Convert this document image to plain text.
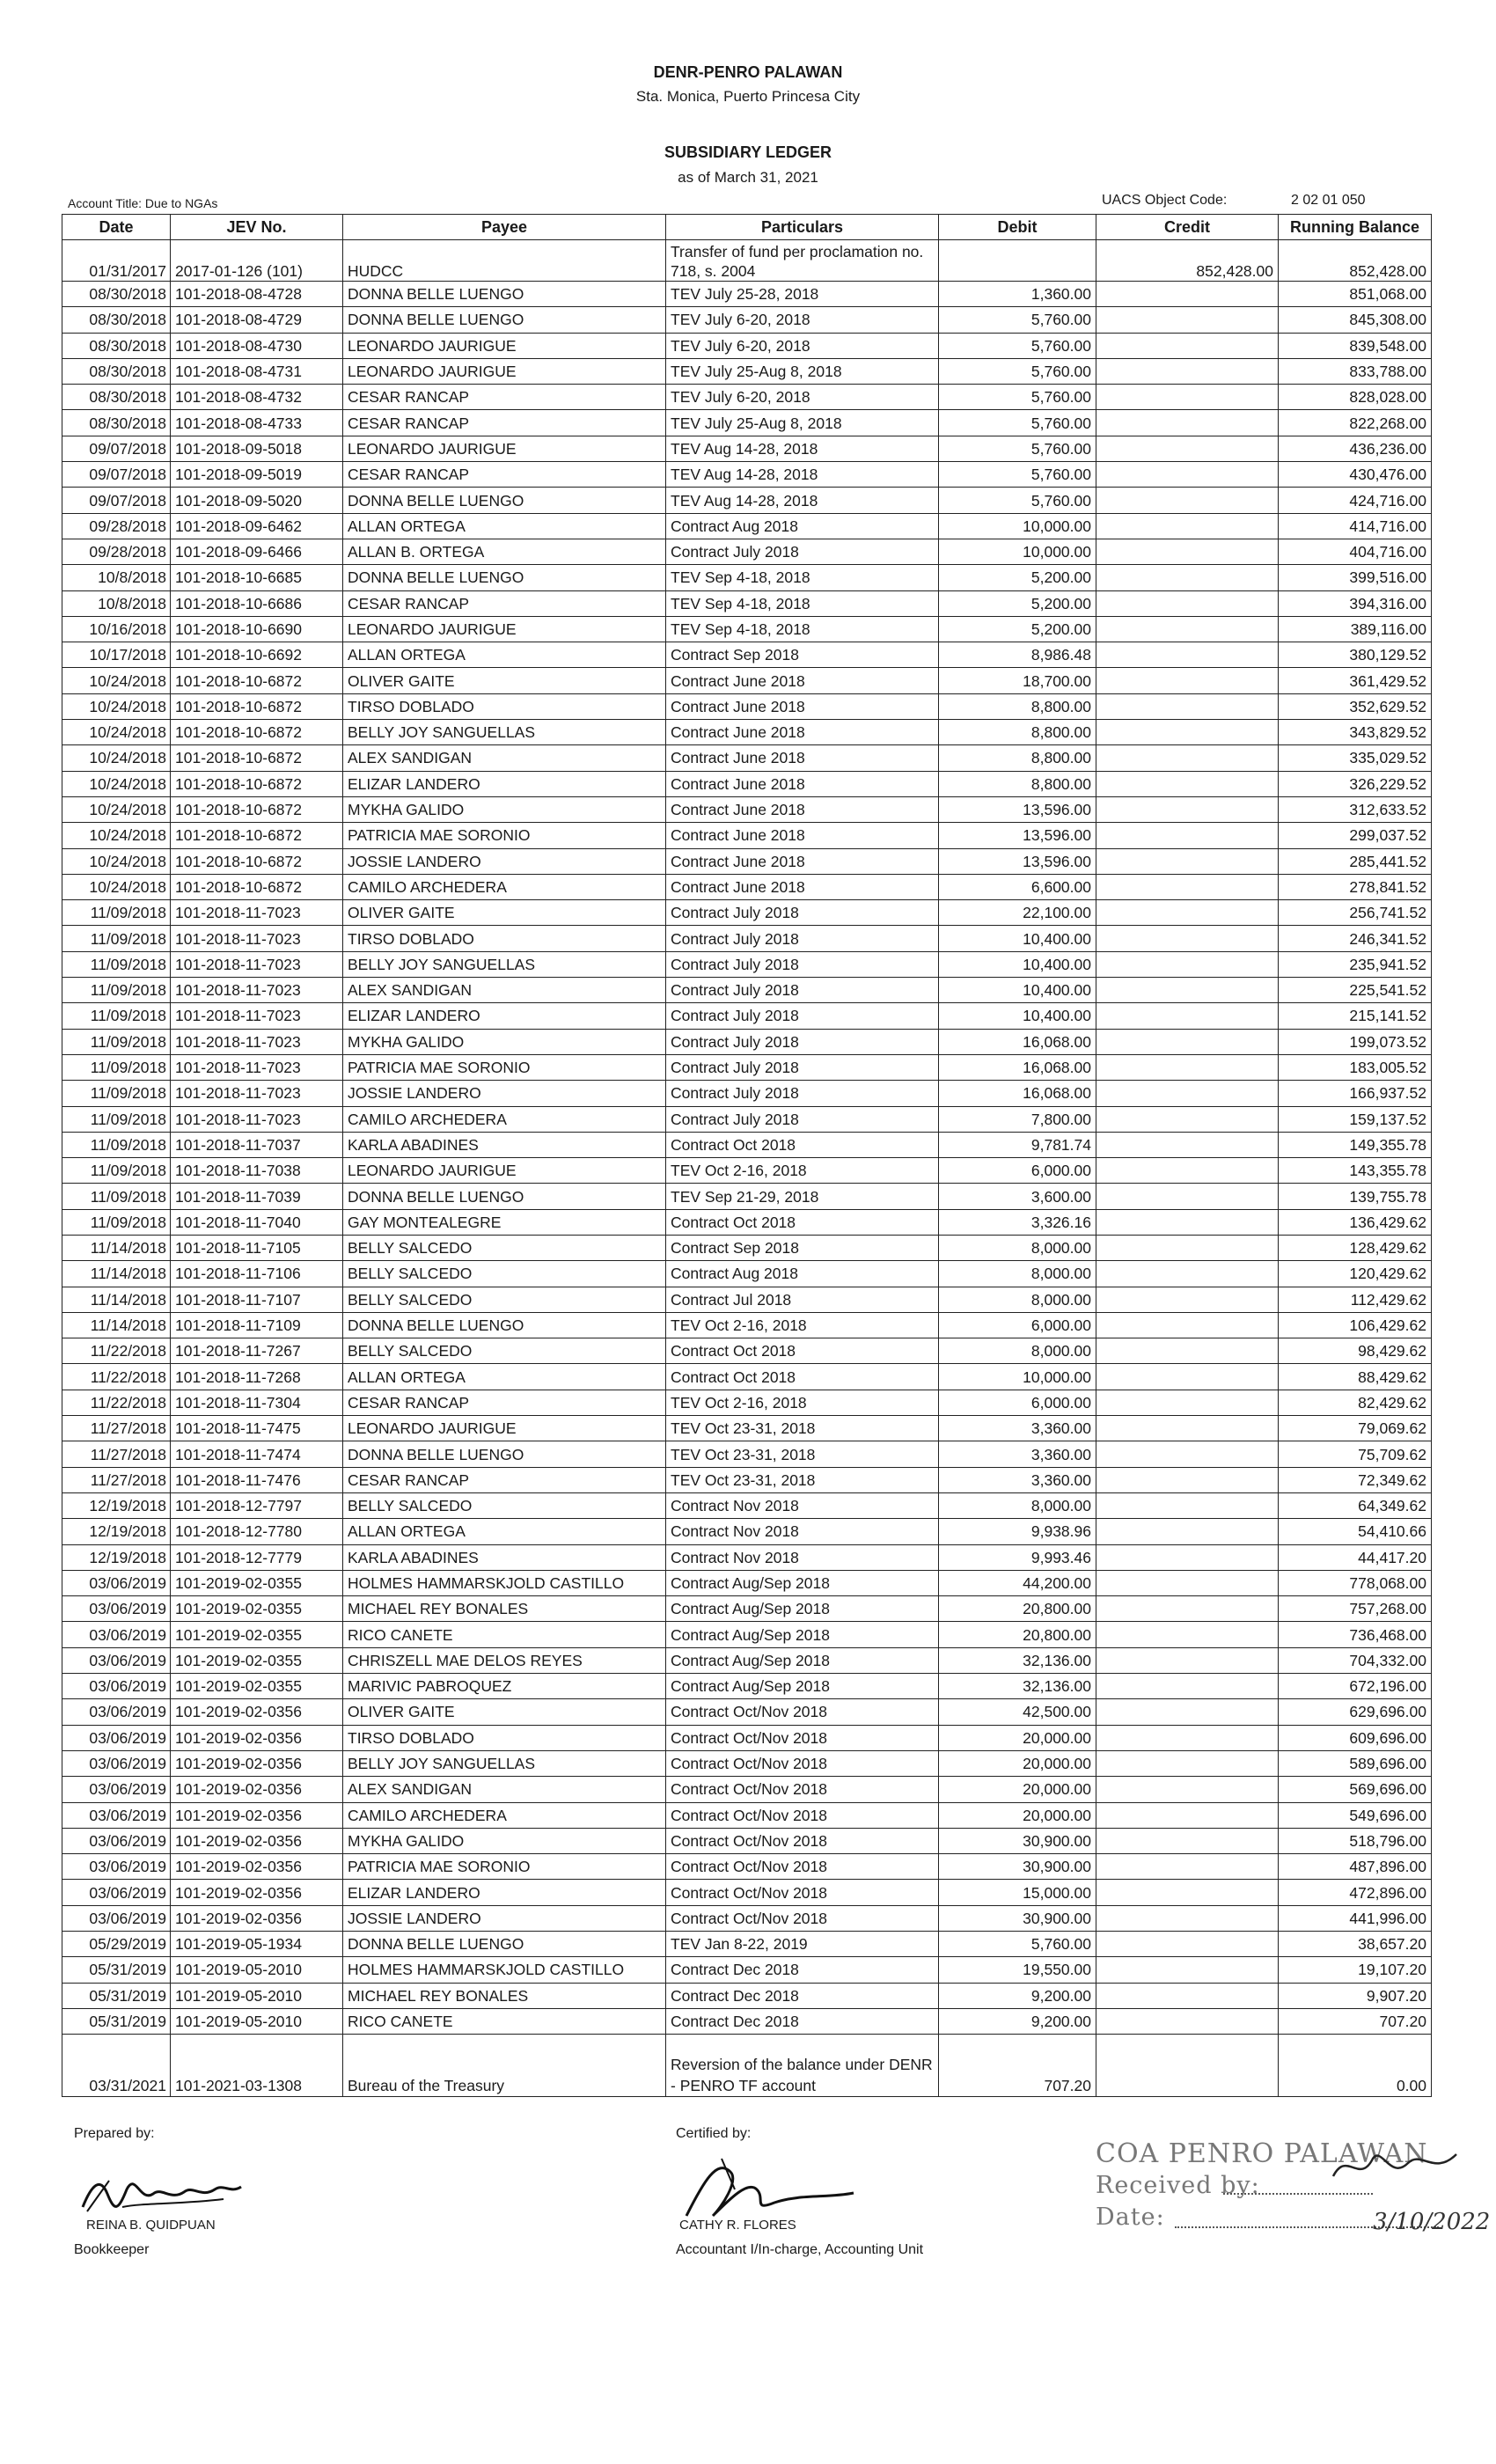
DENR-PENRO PALAWAN
Sta. Monica, Puerto Princesa City
SUBSIDIARY LEDGER
as of March 31, 2021
Account Title: Due to NGAs	UACS Object Code:	2 02 01 050
Date	JEV No.	Payee	Particulars	Debit	Credit	Running Balance
01/31/2017	2017-01-126 (101)	HUDCC	Transfer of fund per proclamation no. 718, s. 2004		852,428.00	852,428.00
08/30/2018	101-2018-08-4728	DONNA BELLE LUENGO	TEV July 25-28, 2018	1,360.00		851,068.00
08/30/2018	101-2018-08-4729	DONNA BELLE LUENGO	TEV July 6-20, 2018	5,760.00		845,308.00
08/30/2018	101-2018-08-4730	LEONARDO JAURIGUE	TEV July 6-20, 2018	5,760.00		839,548.00
08/30/2018	101-2018-08-4731	LEONARDO JAURIGUE	TEV July 25-Aug 8, 2018	5,760.00		833,788.00
08/30/2018	101-2018-08-4732	CESAR RANCAP	TEV July 6-20, 2018	5,760.00		828,028.00
08/30/2018	101-2018-08-4733	CESAR RANCAP	TEV July 25-Aug 8, 2018	5,760.00		822,268.00
09/07/2018	101-2018-09-5018	LEONARDO JAURIGUE	TEV Aug 14-28, 2018	5,760.00		436,236.00
09/07/2018	101-2018-09-5019	CESAR RANCAP	TEV Aug 14-28, 2018	5,760.00		430,476.00
09/07/2018	101-2018-09-5020	DONNA BELLE LUENGO	TEV Aug 14-28, 2018	5,760.00		424,716.00
09/28/2018	101-2018-09-6462	ALLAN ORTEGA	Contract Aug 2018	10,000.00		414,716.00
09/28/2018	101-2018-09-6466	ALLAN B. ORTEGA	Contract July 2018	10,000.00		404,716.00
10/8/2018	101-2018-10-6685	DONNA BELLE LUENGO	TEV Sep 4-18, 2018	5,200.00		399,516.00
10/8/2018	101-2018-10-6686	CESAR RANCAP	TEV Sep 4-18, 2018	5,200.00		394,316.00
10/16/2018	101-2018-10-6690	LEONARDO JAURIGUE	TEV Sep 4-18, 2018	5,200.00		389,116.00
10/17/2018	101-2018-10-6692	ALLAN ORTEGA	Contract Sep 2018	8,986.48		380,129.52
10/24/2018	101-2018-10-6872	OLIVER GAITE	Contract June 2018	18,700.00		361,429.52
10/24/2018	101-2018-10-6872	TIRSO DOBLADO	Contract June 2018	8,800.00		352,629.52
10/24/2018	101-2018-10-6872	BELLY JOY SANGUELLAS	Contract June 2018	8,800.00		343,829.52
10/24/2018	101-2018-10-6872	ALEX SANDIGAN	Contract June 2018	8,800.00		335,029.52
10/24/2018	101-2018-10-6872	ELIZAR LANDERO	Contract June 2018	8,800.00		326,229.52
10/24/2018	101-2018-10-6872	MYKHA GALIDO	Contract June 2018	13,596.00		312,633.52
10/24/2018	101-2018-10-6872	PATRICIA MAE SORONIO	Contract June 2018	13,596.00		299,037.52
10/24/2018	101-2018-10-6872	JOSSIE LANDERO	Contract June 2018	13,596.00		285,441.52
10/24/2018	101-2018-10-6872	CAMILO ARCHEDERA	Contract June 2018	6,600.00		278,841.52
11/09/2018	101-2018-11-7023	OLIVER GAITE	Contract July 2018	22,100.00		256,741.52
11/09/2018	101-2018-11-7023	TIRSO DOBLADO	Contract July 2018	10,400.00		246,341.52
11/09/2018	101-2018-11-7023	BELLY JOY SANGUELLAS	Contract July 2018	10,400.00		235,941.52
11/09/2018	101-2018-11-7023	ALEX SANDIGAN	Contract July 2018	10,400.00		225,541.52
11/09/2018	101-2018-11-7023	ELIZAR LANDERO	Contract July 2018	10,400.00		215,141.52
11/09/2018	101-2018-11-7023	MYKHA GALIDO	Contract July 2018	16,068.00		199,073.52
11/09/2018	101-2018-11-7023	PATRICIA MAE SORONIO	Contract July 2018	16,068.00		183,005.52
11/09/2018	101-2018-11-7023	JOSSIE LANDERO	Contract July 2018	16,068.00		166,937.52
11/09/2018	101-2018-11-7023	CAMILO ARCHEDERA	Contract July 2018	7,800.00		159,137.52
11/09/2018	101-2018-11-7037	KARLA ABADINES	Contract Oct 2018	9,781.74		149,355.78
11/09/2018	101-2018-11-7038	LEONARDO JAURIGUE	TEV Oct 2-16, 2018	6,000.00		143,355.78
11/09/2018	101-2018-11-7039	DONNA BELLE LUENGO	TEV Sep 21-29, 2018	3,600.00		139,755.78
11/09/2018	101-2018-11-7040	GAY MONTEALEGRE	Contract Oct 2018	3,326.16		136,429.62
11/14/2018	101-2018-11-7105	BELLY SALCEDO	Contract Sep 2018	8,000.00		128,429.62
11/14/2018	101-2018-11-7106	BELLY SALCEDO	Contract Aug 2018	8,000.00		120,429.62
11/14/2018	101-2018-11-7107	BELLY SALCEDO	Contract Jul 2018	8,000.00		112,429.62
11/14/2018	101-2018-11-7109	DONNA BELLE LUENGO	TEV Oct 2-16, 2018	6,000.00		106,429.62
11/22/2018	101-2018-11-7267	BELLY SALCEDO	Contract Oct 2018	8,000.00		98,429.62
11/22/2018	101-2018-11-7268	ALLAN ORTEGA	Contract Oct 2018	10,000.00		88,429.62
11/22/2018	101-2018-11-7304	CESAR RANCAP	TEV Oct 2-16, 2018	6,000.00		82,429.62
11/27/2018	101-2018-11-7475	LEONARDO JAURIGUE	TEV Oct 23-31, 2018	3,360.00		79,069.62
11/27/2018	101-2018-11-7474	DONNA BELLE LUENGO	TEV Oct 23-31, 2018	3,360.00		75,709.62
11/27/2018	101-2018-11-7476	CESAR RANCAP	TEV Oct 23-31, 2018	3,360.00		72,349.62
12/19/2018	101-2018-12-7797	BELLY SALCEDO	Contract Nov 2018	8,000.00		64,349.62
12/19/2018	101-2018-12-7780	ALLAN ORTEGA	Contract Nov 2018	9,938.96		54,410.66
12/19/2018	101-2018-12-7779	KARLA ABADINES	Contract Nov 2018	9,993.46		44,417.20
03/06/2019	101-2019-02-0355	HOLMES HAMMARSKJOLD CASTILLO	Contract Aug/Sep 2018	44,200.00		778,068.00
03/06/2019	101-2019-02-0355	MICHAEL REY BONALES	Contract Aug/Sep 2018	20,800.00		757,268.00
03/06/2019	101-2019-02-0355	RICO CANETE	Contract Aug/Sep 2018	20,800.00		736,468.00
03/06/2019	101-2019-02-0355	CHRISZELL MAE DELOS REYES	Contract Aug/Sep 2018	32,136.00		704,332.00
03/06/2019	101-2019-02-0355	MARIVIC PABROQUEZ	Contract Aug/Sep 2018	32,136.00		672,196.00
03/06/2019	101-2019-02-0356	OLIVER GAITE	Contract Oct/Nov 2018	42,500.00		629,696.00
03/06/2019	101-2019-02-0356	TIRSO DOBLADO	Contract Oct/Nov 2018	20,000.00		609,696.00
03/06/2019	101-2019-02-0356	BELLY JOY SANGUELLAS	Contract Oct/Nov 2018	20,000.00		589,696.00
03/06/2019	101-2019-02-0356	ALEX SANDIGAN	Contract Oct/Nov 2018	20,000.00		569,696.00
03/06/2019	101-2019-02-0356	CAMILO ARCHEDERA	Contract Oct/Nov 2018	20,000.00		549,696.00
03/06/2019	101-2019-02-0356	MYKHA GALIDO	Contract Oct/Nov 2018	30,900.00		518,796.00
03/06/2019	101-2019-02-0356	PATRICIA MAE SORONIO	Contract Oct/Nov 2018	30,900.00		487,896.00
03/06/2019	101-2019-02-0356	ELIZAR LANDERO	Contract Oct/Nov 2018	15,000.00		472,896.00
03/06/2019	101-2019-02-0356	JOSSIE LANDERO	Contract Oct/Nov 2018	30,900.00		441,996.00
05/29/2019	101-2019-05-1934	DONNA BELLE LUENGO	TEV Jan 8-22, 2019	5,760.00		38,657.20
05/31/2019	101-2019-05-2010	HOLMES HAMMARSKJOLD CASTILLO	Contract Dec 2018	19,550.00		19,107.20
05/31/2019	101-2019-05-2010	MICHAEL REY BONALES	Contract Dec 2018	9,200.00		9,907.20
05/31/2019	101-2019-05-2010	RICO CANETE	Contract Dec 2018	9,200.00		707.20
03/31/2021	101-2021-03-1308	Bureau of the Treasury	Reversion of the balance under DENR - PENRO TF account	707.20		0.00
Prepared by:
REINA B. QUIDPUAN
Bookkeeper
Certified by:
CATHY R. FLORES
Accountant I/In-charge, Accounting Unit
COA PENRO PALAWAN
Received by:
Date:	3/10/2022
